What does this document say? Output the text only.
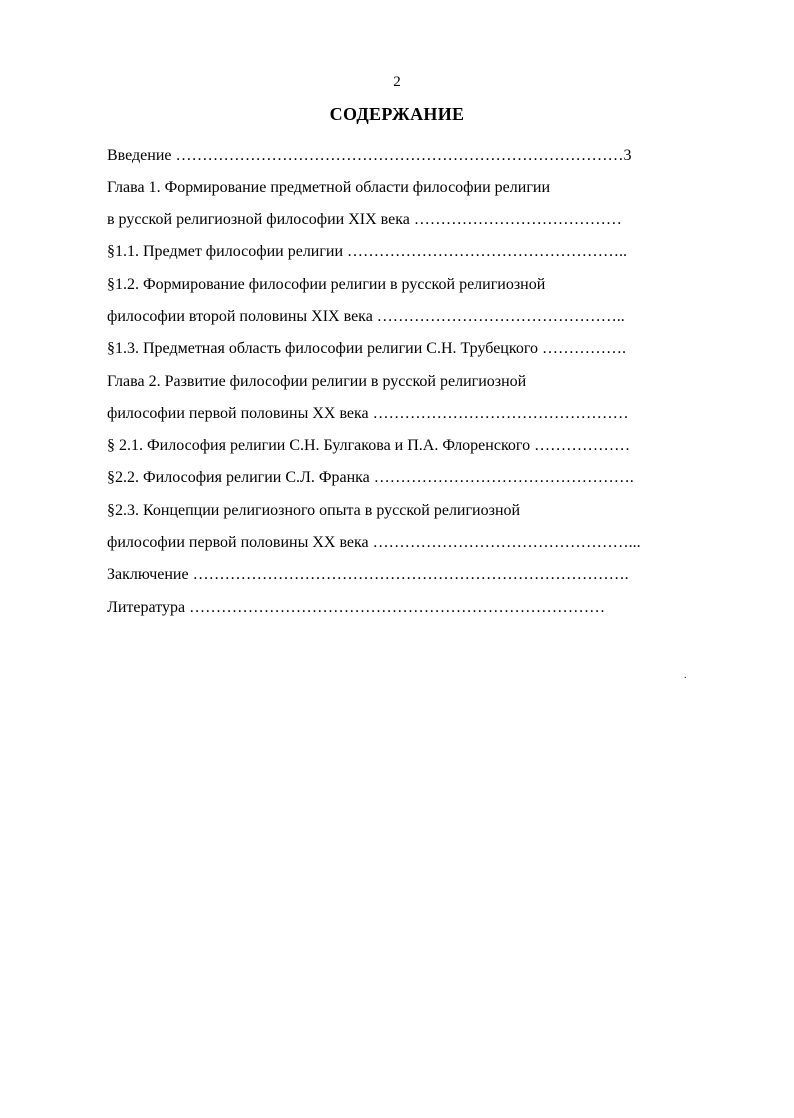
2
СОДЕРЖАНИЕ
Введение …………………………………………………………………………3
Глава 1. Формирование предметной области философии религии
в русской религиозной философии XIX века …………………………………
§1.1. Предмет философии религии ……………………………………………..
§1.2. Формирование философии религии в русской религиозной
философии второй половины XIX века ………………………………………..
§1.3. Предметная область философии религии С.Н. Трубецкого …………….
Глава 2. Развитие философии религии в русской религиозной
философии первой половины XX века …………………………………………
§ 2.1. Философия религии С.Н. Булгакова и П.А. Флоренского ………………
§2.2. Философия религии С.Л. Франка ………………………………………….
§2.3. Концепции религиозного опыта в русской религиозной
философии первой половины XX века …………………………………………...
Заключение ……………………………………………………………………….
Литература ……………………………………………………………………
.
